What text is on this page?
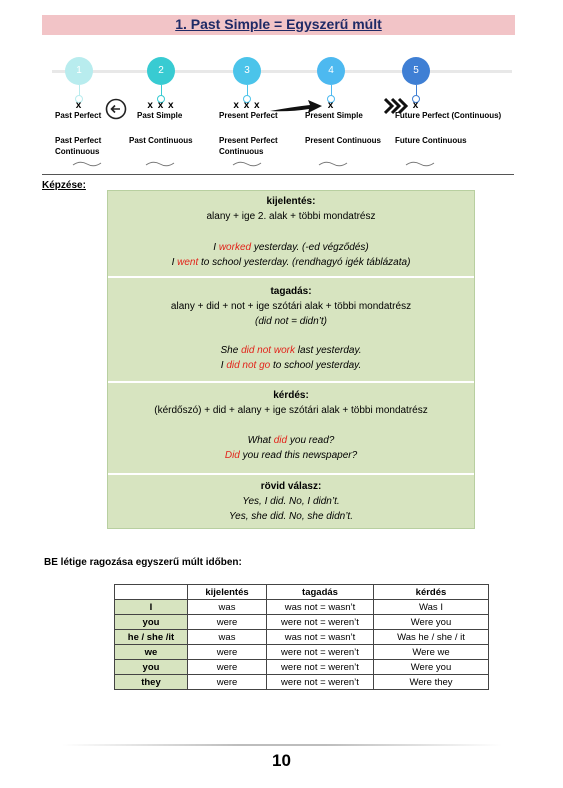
1. Past Simple = Egyszerű múlt
1
x
Past Perfect
Past Perfect
Continuous
2
x x x
Past Simple
Past Continuous
3
x x x
Present Perfect
Present Perfect
Continuous
4
x
Present Simple
Present Continuous
5
x
Future Perfect (Continuous)
Future Continuous
Képzése:
kijelentés:
alany + ige 2. alak + többi mondatrész
I worked yesterday. (-ed végződés)
I went to school yesterday. (rendhagyó igék táblázata)
tagadás:
alany + did + not + ige szótári alak + többi mondatrész
(did not = didn’t)
She did not work last yesterday.
I did not go to school yesterday.
kérdés:
(kérdőszó) + did + alany + ige szótári alak + többi mondatrész
What did you read?
Did you read this newspaper?
rövid válasz:
Yes, I did. No, I didn’t.
Yes, she did. No, she didn’t.
BE létige ragozása egyszerű múlt időben:
	kijelentés	tagadás	kérdés
I	was	was not = wasn’t	Was I
you	were	were not = weren’t	Were you
he / she /it	was	was not = wasn’t	Was he / she / it
we	were	were not = weren’t	Were we
you	were	were not = weren’t	Were you
they	were	were not = weren’t	Were they
10
